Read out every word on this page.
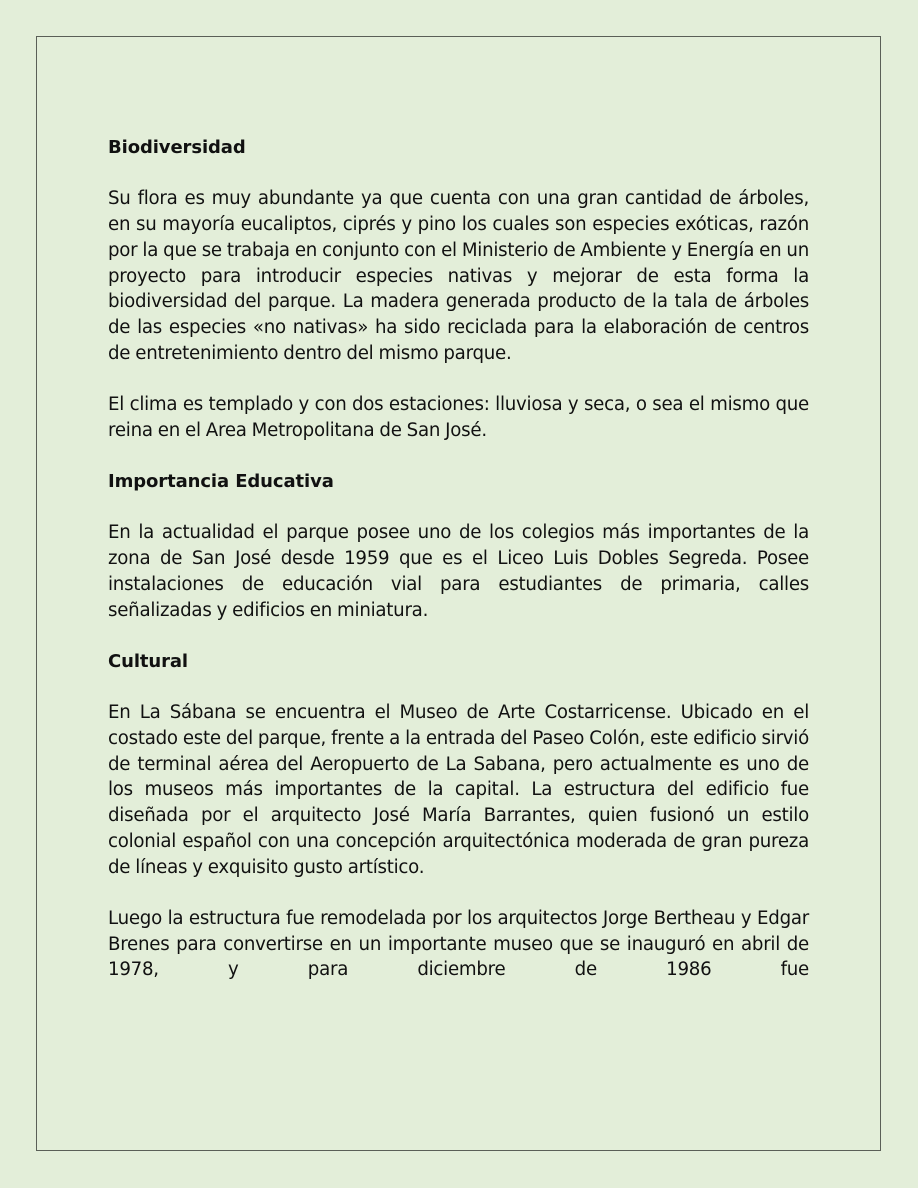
Biodiversidad

Su flora es muy abundante ya que cuenta con una gran cantidad de árboles, en su mayoría eucaliptos, ciprés y pino los cuales son especies exóticas, razón por la que se trabaja en conjunto con el Ministerio de Ambiente y Energía en un proyecto para introducir especies nativas y mejorar de esta forma la biodiversidad del parque. La madera generada producto de la tala de árboles de las especies «no nativas» ha sido reciclada para la elaboración de centros de entretenimiento dentro del mismo parque.

El clima es templado y con dos estaciones: lluviosa y seca, o sea el mismo que reina en el Area Metropolitana de San José.

Importancia Educativa

En la actualidad el parque posee uno de los colegios más importantes de la zona de San José desde 1959 que es el Liceo Luis Dobles Segreda. Posee instalaciones de educación vial para estudiantes de primaria, calles señalizadas y edificios en miniatura.

Cultural

En La Sábana se encuentra el Museo de Arte Costarricense. Ubicado en el costado este del parque, frente a la entrada del Paseo Colón, este edificio sirvió de terminal aérea del Aeropuerto de La Sabana, pero actualmente es uno de los museos más importantes de la capital. La estructura del edificio fue diseñada por el arquitecto José María Barrantes, quien fusionó un estilo colonial español con una concepción arquitectónica moderada de gran pureza de líneas y exquisito gusto artístico.

Luego la estructura fue remodelada por los arquitectos Jorge Bertheau y Edgar Brenes para convertirse en un importante museo que se inauguró en abril de 1978, y para diciembre de 1986 fue
